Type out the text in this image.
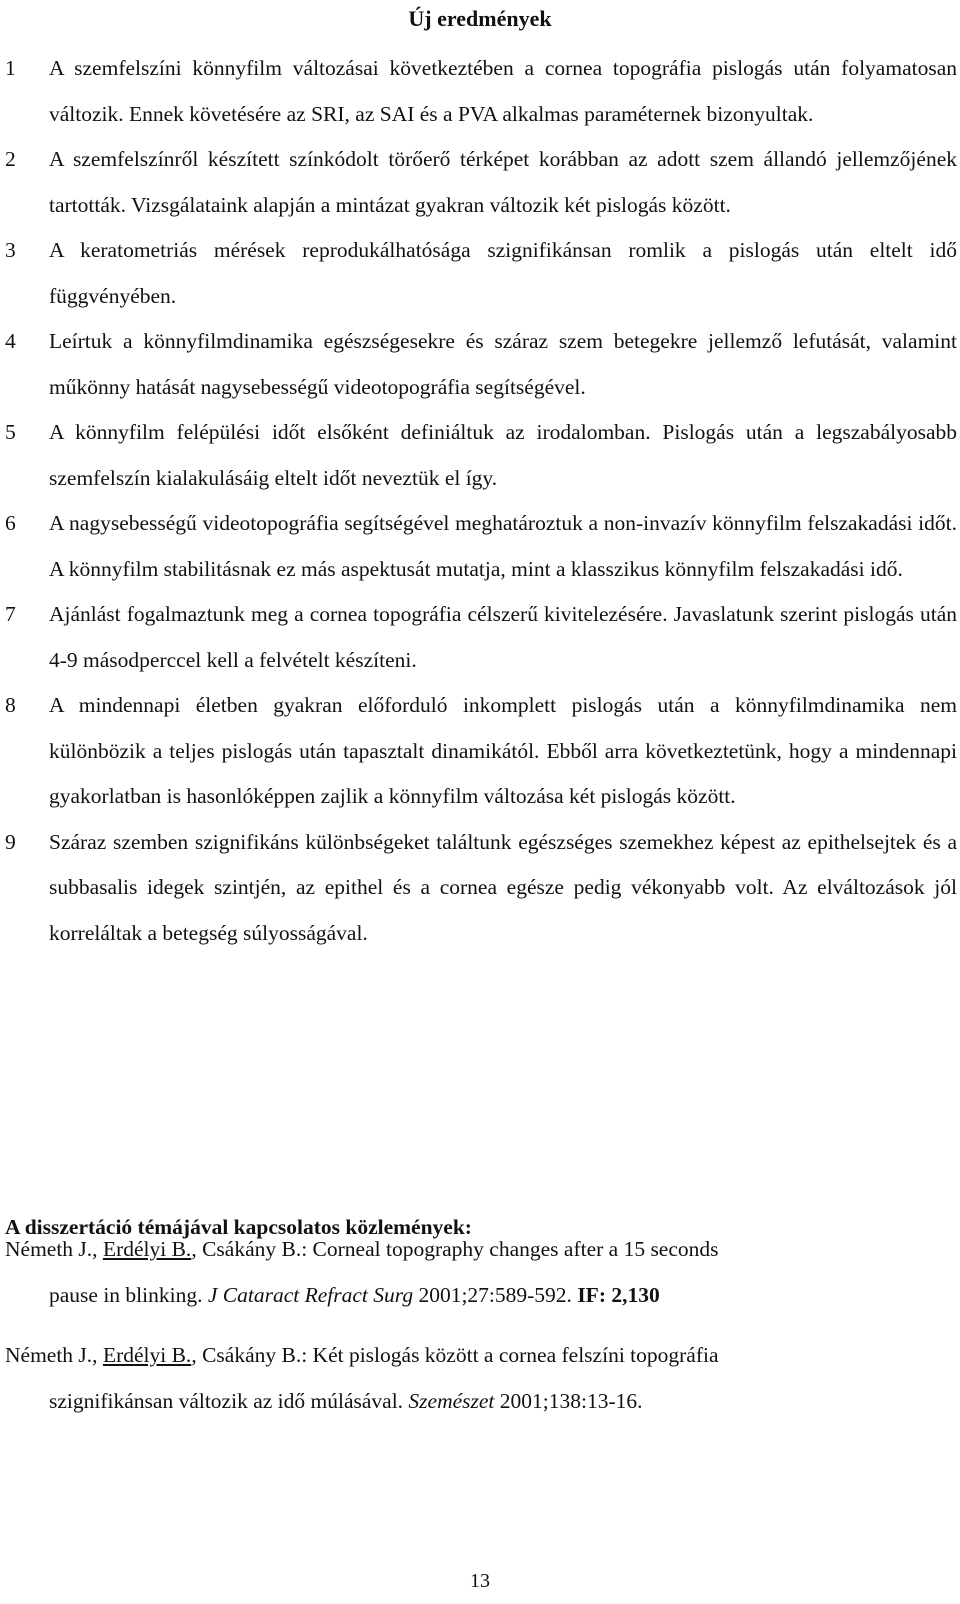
Új eredmények
1 A szemfelszíni könnyfilm változásai következtében a cornea topográfia pislogás után folyamatosan változik. Ennek követésére az SRI, az SAI és a PVA alkalmas paraméternek bizonyultak.
2 A szemfelszínről készített színkódolt törőerő térképet korábban az adott szem állandó jellemzőjének tartották. Vizsgálataink alapján a mintázat gyakran változik két pislogás között.
3 A keratometriás mérések reprodukálhatósága szignifikánsan romlik a pislogás után eltelt idő függvényében.
4 Leírtuk a könnyfilmdinamika egészségesekre és száraz szem betegekre jellemző lefutását, valamint műkönny hatását nagysebességű videotopográfia segítségével.
5 A könnyfilm felépülési időt elsőként definiáltuk az irodalomban. Pislogás után a legszabályosabb szemfelszín kialakulásáig eltelt időt neveztük el így.
6 A nagysebességű videotopográfia segítségével meghatároztuk a non-invazív könnyfilm felszakadási időt. A könnyfilm stabilitásnak ez más aspektusát mutatja, mint a klasszikus könnyfilm felszakadási idő.
7 Ajánlást fogalmaztunk meg a cornea topográfia célszerű kivitelezésére. Javaslatunk szerint pislogás után 4-9 másodperccel kell a felvételt készíteni.
8 A mindennapi életben gyakran előforduló inkomplett pislogás után a könnyfilmdinamika nem különbözik a teljes pislogás után tapasztalt dinamikától. Ebből arra következtetünk, hogy a mindennapi gyakorlatban is hasonlóképpen zajlik a könnyfilm változása két pislogás között.
9 Száraz szemben szignifikáns különbségeket találtunk egészséges szemekhez képest az epithelsejtek és a subbasalis idegek szintjén, az epithel és a cornea egésze pedig vékonyabb volt. Az elváltozások jól korreláltak a betegség súlyosságával.
A disszertáció témájával kapcsolatos közlemények:
Németh J., Erdélyi B., Csákány B.: Corneal topography changes after a 15 seconds
pause in blinking. J Cataract Refract Surg 2001;27:589-592. IF: 2,130
Németh J., Erdélyi B., Csákány B.: Két pislogás között a cornea felszíni topográfia
szignifikánsan változik az idő múlásával. Szemészet 2001;138:13-16.
13
